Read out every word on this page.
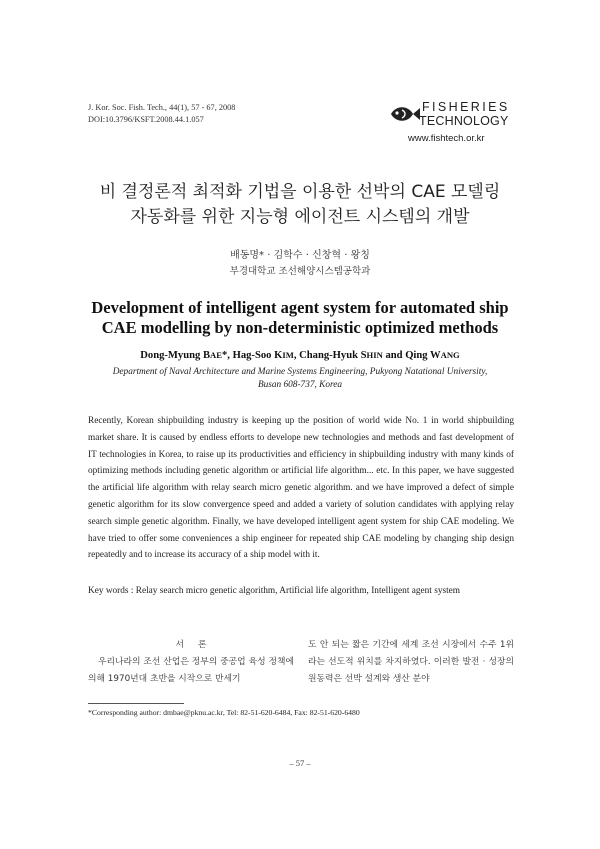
J. Kor. Soc. Fish. Tech., 44(1), 57 - 67, 2008
DOI:10.3796/KSFT.2008.44.1.057
FISHERIES
TECHNOLOGY
www.fishtech.or.kr
비 결정론적 최적화 기법을 이용한 선박의 CAE 모델링
자동화를 위한 지능형 에이전트 시스템의 개발
배동명* · 김학수 · 신창혁 · 왕칭
부경대학교 조선해양시스템공학과
Development of intelligent agent system for automated ship
CAE modelling by non-deterministic optimized methods
Dong-Myung BAE*, Hag-Soo KIM, Chang-Hyuk SHIN and Qing WANG
Department of Naval Architecture and Marine Systems Engineering, Pukyong Natational University,
Busan 608-737, Korea
Recently, Korean shipbuilding industry is keeping up the position of world wide No. 1 in world shipbuilding market share. It is caused by endless efforts to develope new technologies and methods and fast development of IT technologies in Korea, to raise up its productivities and efficiency in shipbuilding industry with many kinds of optimizing methods including genetic algorithm or artificial life algorithm... etc. In this paper, we have suggested the artificial life algorithm with relay search micro genetic algorithm. and we have improved a defect of simple genetic algorithm for its slow convergence speed and added a variety of solution candidates with applying relay search simple genetic algorithm. Finally, we have developed intelligent agent system for ship CAE modeling. We have tried to offer some conveniences a ship engineer for repeated ship CAE modeling by changing ship design repeatedly and to increase its accuracy of a ship model with it.
Key words : Relay search micro genetic algorithm, Artificial life algorithm, Intelligent agent system
서론

우리나라의 조선 산업은 정부의 중공업 육성 정책에 의해 1970년대 초반을 시작으로 반세기

도 안 되는 짧은 기간에 세계 조선 시장에서 수주 1위라는 선도적 위치를 차지하였다. 이러한 발전 · 성장의 원동력은 선박 설계와 생산 분야

*Corresponding author: dmbae@pknu.ac.kr, Tel: 82-51-620-6484, Fax: 82-51-620-6480
– 57 –
